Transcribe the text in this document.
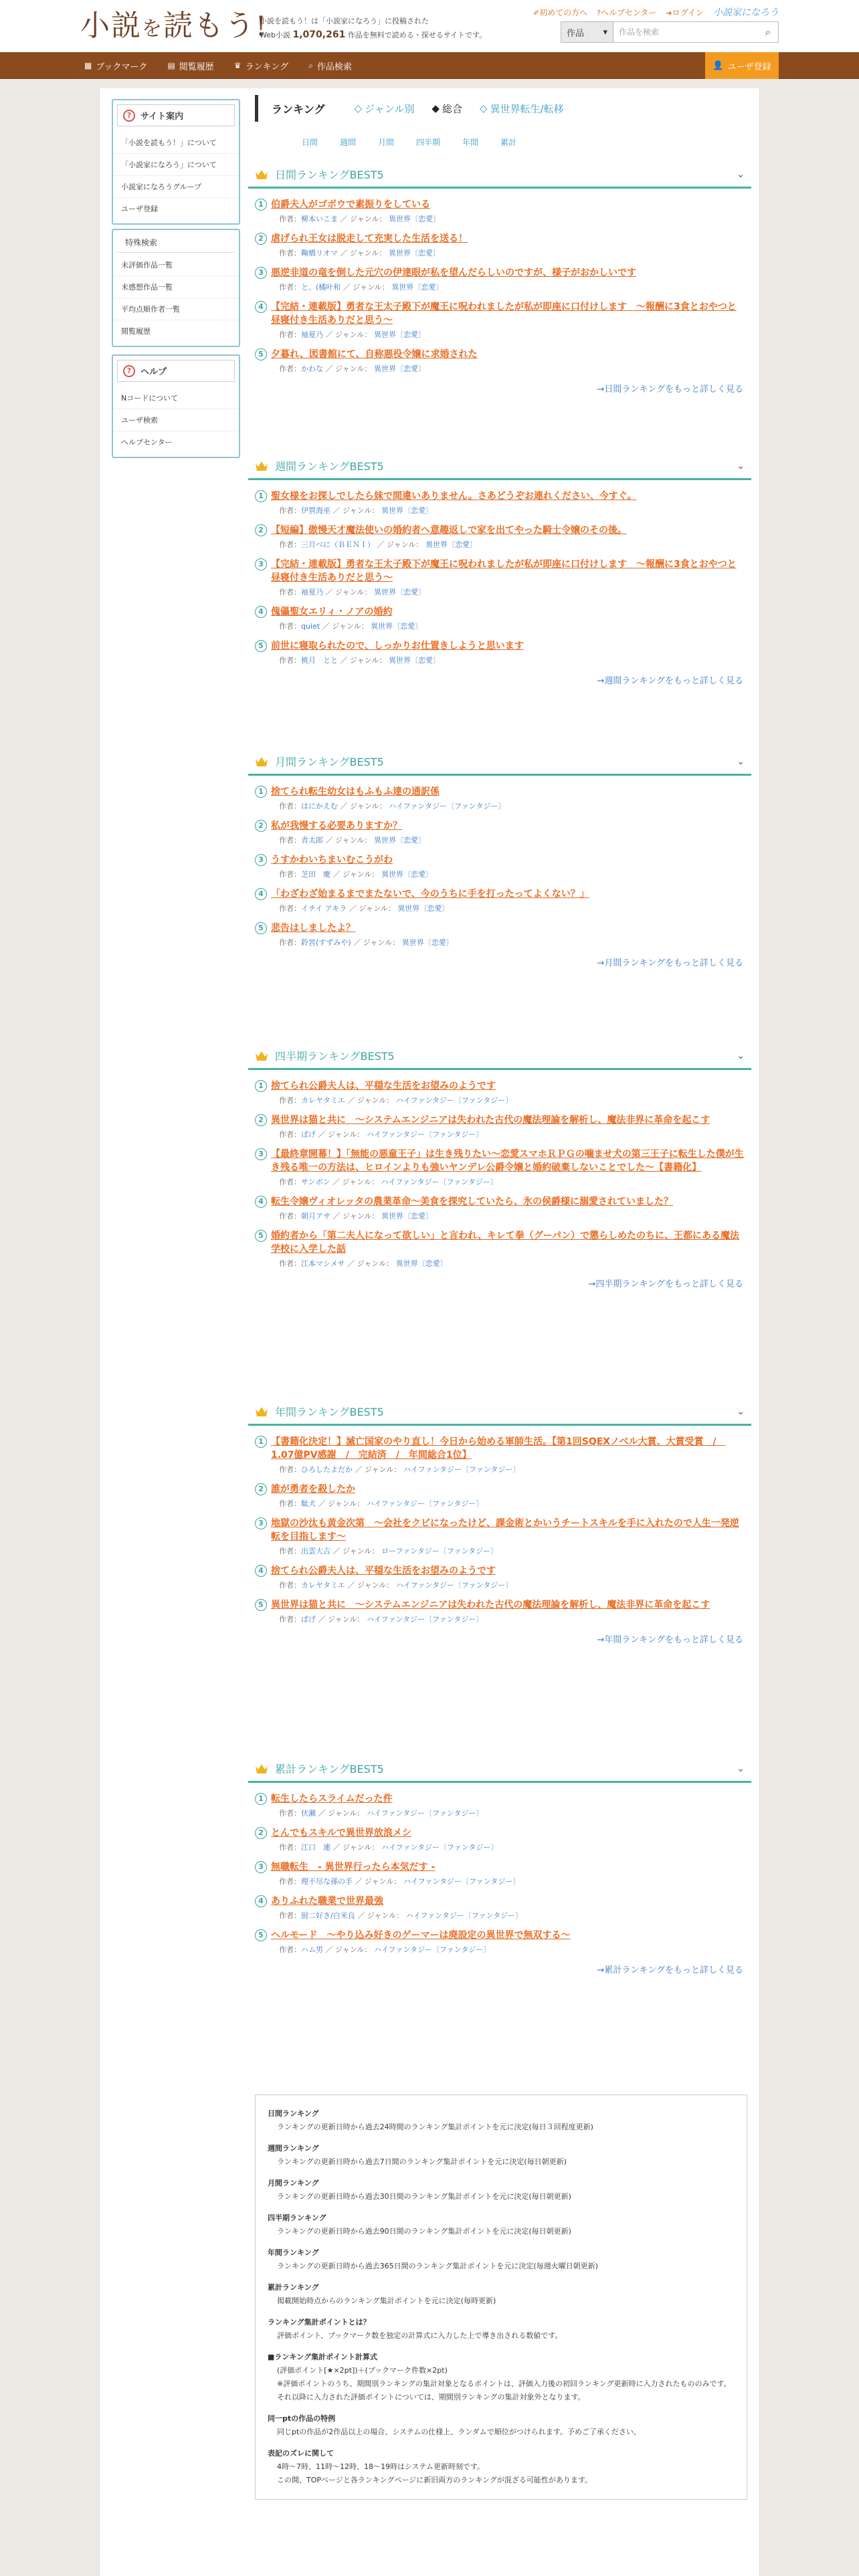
小説を読もう!
小説を読もう！は「小説家になろう」に投稿された
Web小説 1,070,261 作品を無料で読める・探せるサイトです。
✐初めての方へ ?ヘルプセンター ➜ログイン 小説家になろう
作品 ▾
作品を検索	⌕
▦ ブックマーク	▤ 閲覧履歴	♛ ランキング	⌕ 作品検索	👤 ユーザ登録
?	サイト案内
「小説を読もう！」について
「小説家になろう」について
小説家になろうグループ
ユーザ登録
特殊検索
未評価作品一覧
未感想作品一覧
平均点順作者一覧
閲覧履歴
?	ヘルプ
Nコードについて
ユーザ検索
ヘルプセンター
ランキング	◇ ジャンル別 ◆ 総合 ◇ 異世界転生/転移
日間	週間	月間	四半期	年間	累計
日間ランキングBEST5	⌄
1 伯爵夫人がゴボウで素振りをしている
作者：柳本いこま ／ ジャンル： 異世界〔恋愛〕
2 虐げられ王女は脱走して充実した生活を送る！
作者：鞠橋リオマ ／ ジャンル： 異世界〔恋愛〕
3 悪逆非道の竜を倒した元穴の伊達眼が私を望んだらしいのですが、様子がおかしいです
作者：と。(橘叶和 ／ ジャンル： 異世界〔恋愛〕
4 【完結・連載版】勇者な王太子殿下が魔王に呪われましたが私が即座に口付けします　～報酬に3食とおやつと昼寝付き生活ありだと思う～
作者：袖夏乃 ／ ジャンル： 異世界〔恋愛〕
5 夕暮れ、図書館にて、自称悪役令嬢に求婚された
作者：かわな ／ ジャンル： 異世界〔恋愛〕
→日間ランキングをもっと詳しく見る
週間ランキングBEST5	⌄
1 聖女様をお探しでしたら妹で間違いありません。さあどうぞお連れください、今すぐ。
作者：伊賀海巫 ／ ジャンル： 異世界〔恋愛〕
2 【短編】傲慢天才魔法使いの婚約者へ意趣返しで家を出てやった騎士令嬢のその後。
作者：三月べに（ＢＥＮＩ） ／ ジャンル： 異世界〔恋愛〕
3 【完結・連載版】勇者な王太子殿下が魔王に呪われましたが私が即座に口付けします　～報酬に3食とおやつと昼寝付き生活ありだと思う～
作者：袖夏乃 ／ ジャンル： 異世界〔恋愛〕
4 傀儡聖女エリィ・ノアの婚約
作者：quiet ／ ジャンル： 異世界〔恋愛〕
5 前世に寝取られたので、しっかりお仕置きしようと思います
作者：桃月　とと ／ ジャンル： 異世界〔恋愛〕
→週間ランキングをもっと詳しく見る
月間ランキングBEST5	⌄
1 捨てられ転生幼女はもふもふ達の通訳係
作者：はにかえむ ／ ジャンル： ハイファンタジー〔ファンタジー〕
2 私が我慢する必要ありますか？
作者：青太郎 ／ ジャンル： 異世界〔恋愛〕
3 うすかわいちまいむこうがわ
作者：芝田　慶 ／ ジャンル： 異世界〔恋愛〕
4 「わざわざ始まるまでまたないで、今のうちに手を打ったってよくない？」
作者：イチイ アキラ ／ ジャンル： 異世界〔恋愛〕
5 悲告はしましたよ？
作者：鈴宮(すずみや) ／ ジャンル： 異世界〔恋愛〕
→月間ランキングをもっと詳しく見る
四半期ランキングBEST5	⌄
1 捨てられ公爵夫人は、平穏な生活をお望みのようです
作者：カレヤタミエ ／ ジャンル： ハイファンタジー〔ファンタジー〕
2 異世界は猫と共に　～システムエンジニアは失われた古代の魔法理論を解析し、魔法非界に革命を起こす
作者：ぱげ ／ ジャンル： ハイファンタジー〔ファンタジー〕
3 【最終章開幕！】「無能の悪童王子」は生き残りたい～恋愛スマホＲＰＧの噛ませ犬の第三王子に転生した僕が生き残る唯一の方法は、ヒロインよりも強いヤンデレ公爵令嬢と婚約破棄しないことでした～【書籍化】
作者：サンボン ／ ジャンル： ハイファンタジー〔ファンタジー〕
4 転生令嬢ヴィオレッタの農業革命～美食を探究していたら、氷の侯爵様に溺愛されていました？
作者：朝月アサ ／ ジャンル： 異世界〔恋愛〕
5 婚約者から「第二夫人になって欲しい」と言われ、キレて拳（グーパン）で懲らしめたのちに、王都にある魔法学校に入学した話
作者：江本マシメサ ／ ジャンル： 異世界〔恋愛〕
→四半期ランキングをもっと詳しく見る
年間ランキングBEST5	⌄
1 【書籍化決定！】滅亡国家のやり直し！今日から始める軍師生活。【第1回SQEXノベル大賞、大賞受賞　/　1.07億PV感謝　/　完結済　/　年間総合1位】
作者：ひろしたよだか ／ ジャンル： ハイファンタジー〔ファンタジー〕
2 誰が勇者を殺したか
作者：駄犬 ／ ジャンル： ハイファンタジー〔ファンタジー〕
3 地獄の沙汰も黄金次第　～会社をクビになったけど、課金術とかいうチートスキルを手に入れたので人生一発逆転を目指します～
作者：出雲大吉 ／ ジャンル： ローファンタジー〔ファンタジー〕
4 捨てられ公爵夫人は、平穏な生活をお望みのようです
作者：カレヤタミエ ／ ジャンル： ハイファンタジー〔ファンタジー〕
5 異世界は猫と共に　～システムエンジニアは失われた古代の魔法理論を解析し、魔法非界に革命を起こす
作者：ぱげ ／ ジャンル： ハイファンタジー〔ファンタジー〕
→年間ランキングをもっと詳しく見る
累計ランキングBEST5	⌄
1 転生したらスライムだった件
作者：伏瀬 ／ ジャンル： ハイファンタジー〔ファンタジー〕
2 とんでもスキルで異世界放浪メシ
作者：江口　連 ／ ジャンル： ハイファンタジー〔ファンタジー〕
3 無職転生　- 異世界行ったら本気だす -
作者：理不尽な孫の手 ／ ジャンル： ハイファンタジー〔ファンタジー〕
4 ありふれた職業で世界最強
作者：厨二好き/白米良 ／ ジャンル： ハイファンタジー〔ファンタジー〕
5 ヘルモード　～やり込み好きのゲーマーは廃設定の異世界で無双する～
作者：ハム男 ／ ジャンル： ハイファンタジー〔ファンタジー〕
→累計ランキングをもっと詳しく見る
日間ランキング
ランキングの更新日時から過去24時間のランキング集計ポイントを元に決定(毎日３回程度更新)
週間ランキング
ランキングの更新日時から過去7日間のランキング集計ポイントを元に決定(毎日朝更新)
月間ランキング
ランキングの更新日時から過去30日間のランキング集計ポイントを元に決定(毎日朝更新)
四半期ランキング
ランキングの更新日時から過去90日間のランキング集計ポイントを元に決定(毎日朝更新)
年間ランキング
ランキングの更新日時から過去365日間のランキング集計ポイントを元に決定(毎週火曜日朝更新)
累計ランキング
掲載開始時点からのランキング集計ポイントを元に決定(毎時更新)
ランキング集計ポイントとは？
評価ポイント、ブックマーク数を独定の計算式に入力した上で導き出される数値です。
■ランキング集計ポイント計算式
(評価ポイント[★×2pt])＋(ブックマーク件数×2pt)
※評価ポイントのうち、期間別ランキングの集計対象となるポイントは、評価入力後の初回ランキング更新時に入力されたもののみです。
それ以降に入力された評価ポイントについては、期間別ランキングの集計対象外となります。
同一ptの作品の特例
同じptの作品が2作品以上の場合、システムの仕様上、ランダムで順位がつけられます。予めご了承ください。
表記のズレに関して
4時〜7時、11時〜12時、18〜19時はシステム更新時刻です。
この間、TOPページと各ランキングページに新旧両方のランキングが混ざる可能性があります。
